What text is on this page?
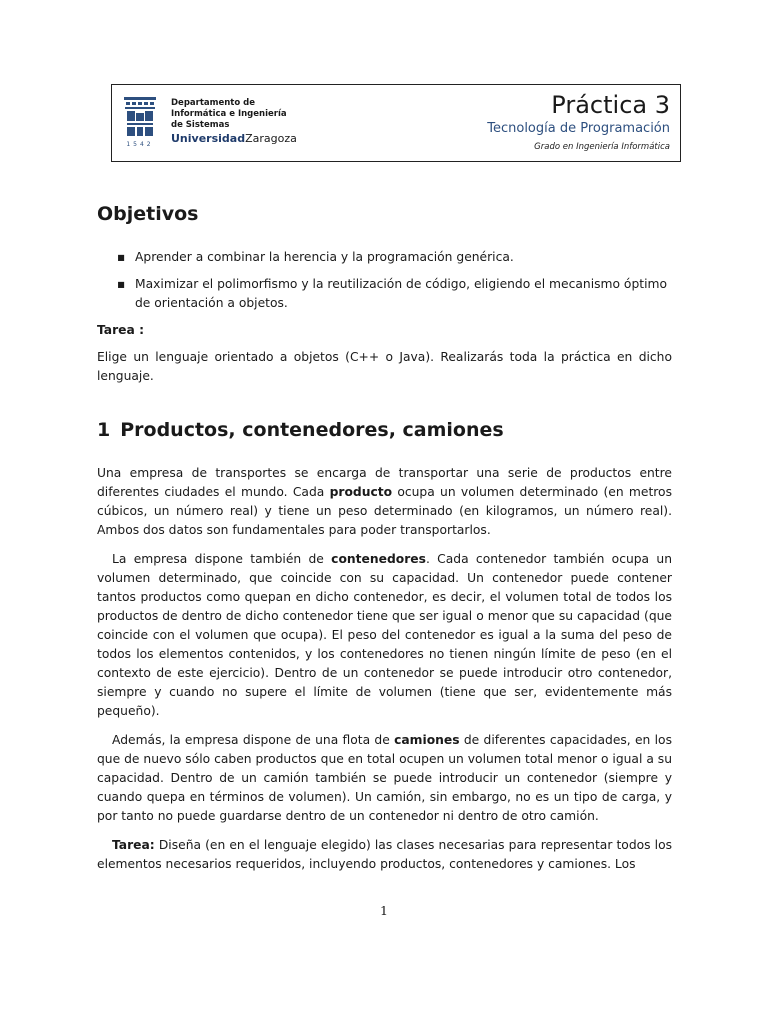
1542
Departamento de
Informática e Ingeniería
de Sistemas
UniversidadZaragoza
Práctica 3
Tecnología de Programación
Grado en Ingeniería Informática
Objetivos
▪ Aprender a combinar la herencia y la programación genérica.
▪ Maximizar el polimorfismo y la reutilización de código, eligiendo el mecanismo óptimo de orientación a objetos.
Tarea :

Elige un lenguaje orientado a objetos (C++ o Java). Realizarás toda la práctica en dicho lenguaje.

1 Productos, contenedores, camiones

Una empresa de transportes se encarga de transportar una serie de productos entre diferentes ciudades el mundo. Cada producto ocupa un volumen determinado (en metros cúbicos, un número real) y tiene un peso determinado (en kilogramos, un número real). Ambos dos datos son fundamentales para poder transportarlos.

La empresa dispone también de contenedores. Cada contenedor también ocupa un volumen determinado, que coincide con su capacidad. Un contenedor puede contener tantos productos como quepan en dicho contenedor, es decir, el volumen total de todos los productos de dentro de dicho contenedor tiene que ser igual o menor que su capacidad (que coincide con el volumen que ocupa). El peso del contenedor es igual a la suma del peso de todos los elementos contenidos, y los contenedores no tienen ningún límite de peso (en el contexto de este ejercicio). Dentro de un contenedor se puede introducir otro contenedor, siempre y cuando no supere el límite de volumen (tiene que ser, evidentemente más pequeño).

Además, la empresa dispone de una flota de camiones de diferentes capacidades, en los que de nuevo sólo caben productos que en total ocupen un volumen total menor o igual a su capacidad. Dentro de un camión también se puede introducir un contenedor (siempre y cuando quepa en términos de volumen). Un camión, sin embargo, no es un tipo de carga, y por tanto no puede guardarse dentro de un contenedor ni dentro de otro camión.

Tarea: Diseña (en en el lenguaje elegido) las clases necesarias para representar todos los elementos necesarios requeridos, incluyendo productos, contenedores y camiones. Los

1
